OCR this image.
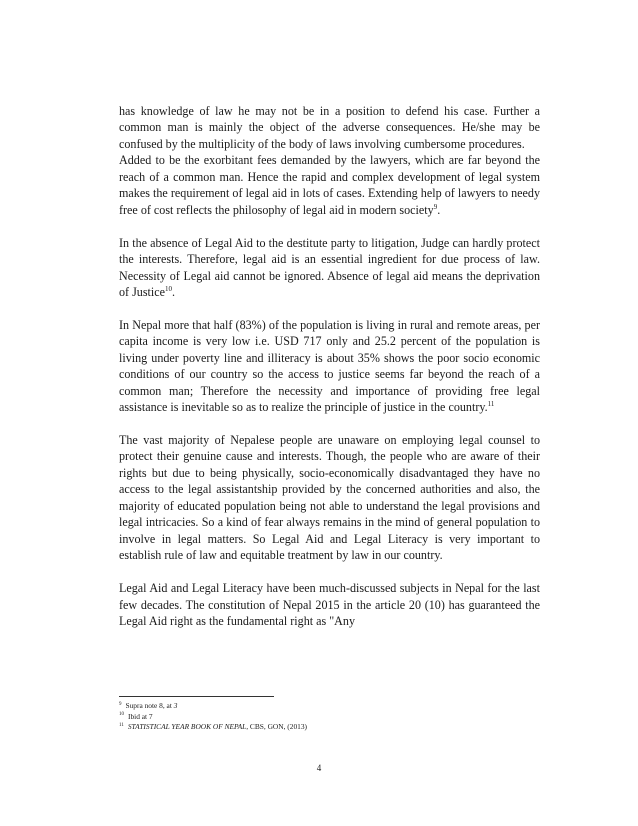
has knowledge of law he may not be in a position to defend his case. Further a common man is mainly the object of the adverse consequences. He/she may be confused by the multiplicity of the body of laws involving cumbersome procedures.

Added to be the exorbitant fees demanded by the lawyers, which are far beyond the reach of a common man. Hence the rapid and complex development of legal system makes the requirement of legal aid in lots of cases. Extending help of lawyers to needy free of cost reflects the philosophy of legal aid in modern society$^9$.

In the absence of Legal Aid to the destitute party to litigation, Judge can hardly protect the interests. Therefore, legal aid is an essential ingredient for due process of law. Necessity of Legal aid cannot be ignored. Absence of legal aid means the deprivation of Justice$^{10}$.

In Nepal more that half (83%) of the population is living in rural and remote areas, per capita income is very low i.e. USD 717 only and 25.2 percent of the population is living under poverty line and illiteracy is about 35% shows the poor socio economic conditions of our country so the access to justice seems far beyond the reach of a common man; Therefore the necessity and importance of providing free legal assistance is inevitable so as to realize the principle of justice in the country.$^{11}$

The vast majority of Nepalese people are unaware on employing legal counsel to protect their genuine cause and interests. Though, the people who are aware of their rights but due to being physically, socio-economically disadvantaged they have no access to the legal assistantship provided by the concerned authorities and also, the majority of educated population being not able to understand the legal provisions and legal intricacies. So a kind of fear always remains in the mind of general population to involve in legal matters. So Legal Aid and Legal Literacy is very important to establish rule of law and equitable treatment by law in our country.

Legal Aid and Legal Literacy have been much-discussed subjects in Nepal for the last few decades. The constitution of Nepal 2015 in the article 20 (10) has guaranteed the Legal Aid right as the fundamental right as "Any

$^9$ Supra note 8, at 3

$^{10}$ Ibid at 7

$^{11}$ STATISTICAL YEAR BOOK OF NEPAL, CBS, GON, (2013)

4
